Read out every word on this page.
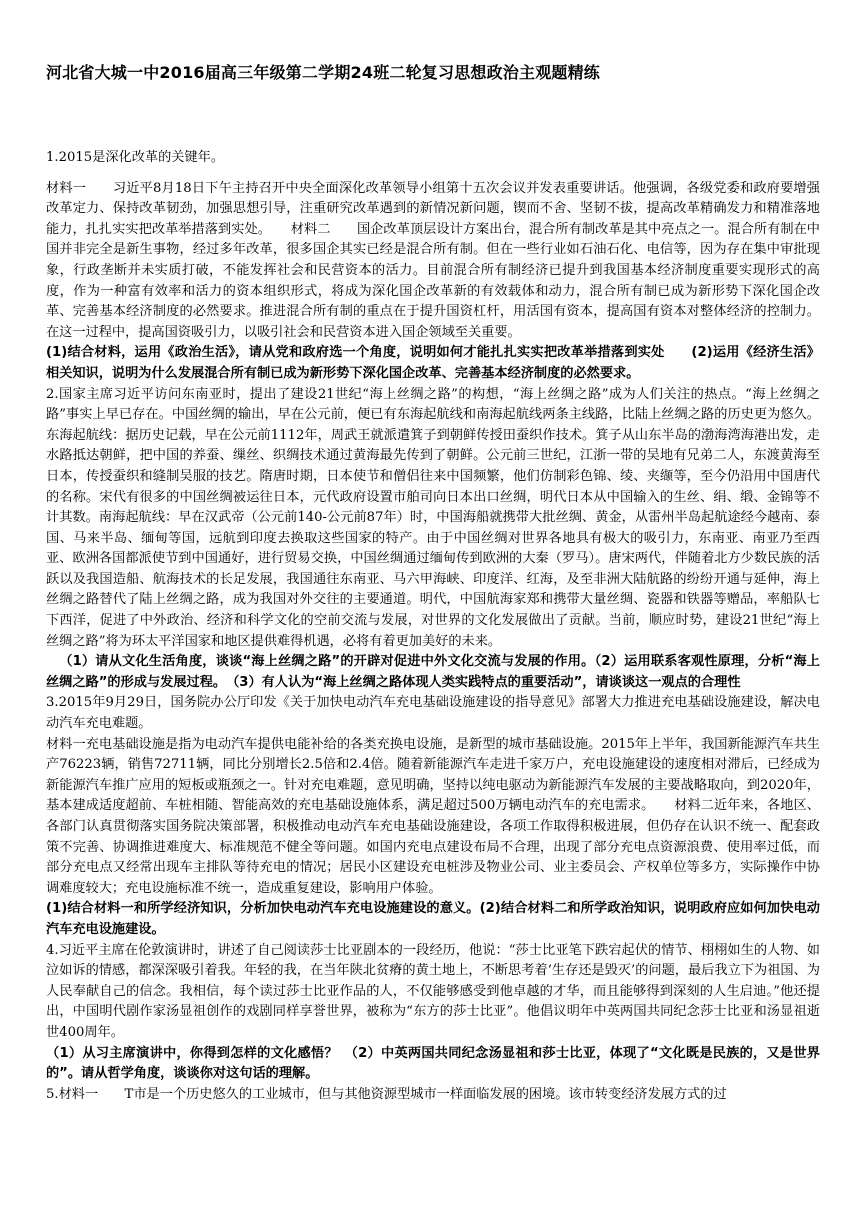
河北省大城一中2016届高三年级第二学期24班二轮复习思想政治主观题精练

1.2015是深化改革的关键年。

材料一　　习近平8月18日下午主持召开中央全面深化改革领导小组第十五次会议并发表重要讲话。他强调，各级党委和政府要增强改革定力、保持改革韧劲，加强思想引导，注重研究改革遇到的新情况新问题，锲而不舍、坚韧不拔，提高改革精确发力和精准落地能力，扎扎实实把改革举措落到实处。　　材料二　　国企改革顶层设计方案出台，混合所有制改革是其中亮点之一。混合所有制在中国并非完全是新生事物，经过多年改革，很多国企其实已经是混合所有制。但在一些行业如石油石化、电信等，因为存在集中审批现象，行政垄断并未实质打破，不能发挥社会和民营资本的活力。目前混合所有制经济已提升到我国基本经济制度重要实现形式的高度，作为一种富有效率和活力的资本组织形式，将成为深化国企改革新的有效载体和动力，混合所有制已成为新形势下深化国企改革、完善基本经济制度的必然要求。推进混合所有制的重点在于提升国资杠杆，用活国有资本，提高国有资本对整体经济的控制力。在这一过程中，提高国资吸引力，以吸引社会和民营资本进入国企领域至关重要。

(1)结合材料，运用《政治生活》，请从党和政府选一个角度，说明如何才能扎扎实实把改革举措落到实处　　(2)运用《经济生活》相关知识，说明为什么发展混合所有制已成为新形势下深化国企改革、完善基本经济制度的必然要求。

2.国家主席习近平访问东南亚时，提出了建设21世纪“海上丝绸之路”的构想，“海上丝绸之路”成为人们关注的热点。“海上丝绸之路”事实上早已存在。中国丝绸的输出，早在公元前，便已有东海起航线和南海起航线两条主线路，比陆上丝绸之路的历史更为悠久。东海起航线：据历史记载，早在公元前1112年，周武王就派遣箕子到朝鲜传授田蚕织作技术。箕子从山东半岛的渤海湾海港出发，走水路抵达朝鲜，把中国的养蚕、缫丝、织绸技术通过黄海最先传到了朝鲜。公元前三世纪，江浙一带的吴地有兄弟二人，东渡黄海至日本，传授蚕织和缝制吴服的技艺。隋唐时期，日本使节和僧侣往来中国频繁，他们仿制彩色锦、绫、夹缬等，至今仍沿用中国唐代的名称。宋代有很多的中国丝绸被运往日本，元代政府设置市舶司向日本出口丝绸，明代日本从中国输入的生丝、绢、缎、金锦等不计其数。南海起航线：早在汉武帝（公元前140-公元前87年）时，中国海船就携带大批丝绸、黄金，从雷州半岛起航途经今越南、泰国、马来半岛、缅甸等国，远航到印度去换取这些国家的特产。由于中国丝绸对世界各地具有极大的吸引力，东南亚、南亚乃至西亚、欧洲各国都派使节到中国通好，进行贸易交换，中国丝绸通过缅甸传到欧洲的大秦（罗马）。唐宋两代，伴随着北方少数民族的活跃以及我国造船、航海技术的长足发展，我国通往东南亚、马六甲海峡、印度洋、红海，及至非洲大陆航路的纷纷开通与延伸，海上丝绸之路替代了陆上丝绸之路，成为我国对外交往的主要通道。明代，中国航海家郑和携带大量丝绸、瓷器和铁器等赠品，率船队七下西洋，促进了中外政治、经济和科学文化的空前交流与发展，对世界的文化发展做出了贡献。当前，顺应时势，建设21世纪“海上丝绸之路”将为环太平洋国家和地区提供难得机遇，必将有着更加美好的未来。

（1）请从文化生活角度，谈谈“海上丝绸之路”的开辟对促进中外文化交流与发展的作用。（2）运用联系客观性原理，分析“海上丝绸之路”的形成与发展过程。　（3）有人认为“海上丝绸之路体现人类实践特点的重要活动”，请谈谈这一观点的合理性

3.2015年9月29日，国务院办公厅印发《关于加快电动汽车充电基础设施建设的指导意见》部署大力推进充电基础设施建设，解决电动汽车充电难题。

材料一充电基础设施是指为电动汽车提供电能补给的各类充换电设施，是新型的城市基础设施。2015年上半年，我国新能源汽车共生产76223辆，销售72711辆，同比分别增长2.5倍和2.4倍。随着新能源汽车走进千家万户，充电设施建设的速度相对滞后，已经成为新能源汽车推广应用的短板或瓶颈之一。针对充电难题，意见明确，坚持以纯电驱动为新能源汽车发展的主要战略取向，到2020年，基本建成适度超前、车桩相随、智能高效的充电基础设施体系，满足超过500万辆电动汽车的充电需求。　　材料二近年来，各地区、各部门认真贯彻落实国务院决策部署，积极推动电动汽车充电基础设施建设，各项工作取得积极进展，但仍存在认识不统一、配套政策不完善、协调推进难度大、标准规范不健全等问题。如国内充电点建设布局不合理，出现了部分充电点资源浪费、使用率过低，而部分充电点又经常出现车主排队等待充电的情况；居民小区建设充电桩涉及物业公司、业主委员会、产权单位等多方，实际操作中协调难度较大；充电设施标准不统一，造成重复建设，影响用户体验。

(1)结合材料一和所学经济知识，分析加快电动汽车充电设施建设的意义。(2)结合材料二和所学政治知识，说明政府应如何加快电动汽车充电设施建设。

4.习近平主席在伦敦演讲时，讲述了自己阅读莎士比亚剧本的一段经历，他说：“莎士比亚笔下跌宕起伏的情节、栩栩如生的人物、如泣如诉的情感，都深深吸引着我。年轻的我，在当年陕北贫瘠的黄土地上，不断思考着‘生存还是毁灭’的问题，最后我立下为祖国、为人民奉献自己的信念。我相信，每个读过莎士比亚作品的人，不仅能够感受到他卓越的才华，而且能够得到深刻的人生启迪。”他还提出，中国明代剧作家汤显祖创作的戏剧同样享誉世界，被称为“东方的莎士比亚”。他倡议明年中英两国共同纪念莎士比亚和汤显祖逝世400周年。

（1）从习主席演讲中，你得到怎样的文化感悟？　（2）中英两国共同纪念汤显祖和莎士比亚，体现了“文化既是民族的，又是世界的”。请从哲学角度，谈谈你对这句话的理解。

5.材料一　　T市是一个历史悠久的工业城市，但与其他资源型城市一样面临发展的困境。该市转变经济发展方式的过
